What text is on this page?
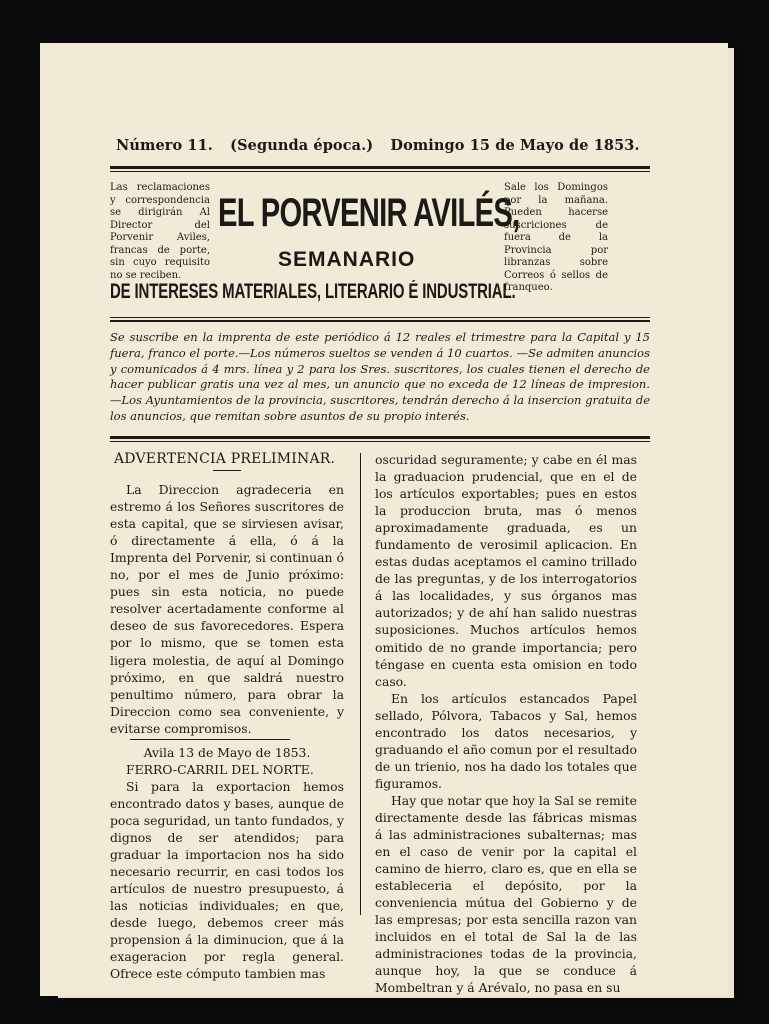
Número 11. (Segunda época.) Domingo 15 de Mayo de 1853.
Las reclamaciones y correspondencia se dirigirán Al Director del Porvenir Aviles, francas de porte, sin cuyo requisito no se reciben.
EL PORVENIR AVILÉS,
Sale los Domingos por la mañana. Pueden hacerse suscriciones de fuera de la Provincia por libranzas sobre Correos ó sellos de franqueo.
SEMANARIO
DE INTERESES MATERIALES, LITERARIO É INDUSTRIAL.
Se suscribe en la imprenta de este periódico á 12 reales el trimestre para la Capital y 15 fuera, franco el porte.—Los números sueltos se venden á 10 cuartos. —Se admiten anuncios y comunicados á 4 mrs. línea y 2 para los Sres. suscritores, los cuales tienen el derecho de hacer publicar gratis una vez al mes, un anuncio que no exceda de 12 líneas de impresion.—Los Ayuntamientos de la provincia, suscritores, tendrán derecho á la insercion gratuita de los anuncios, que remitan sobre asuntos de su propio interés.
ADVERTENCIA PRELIMINAR.

La Direccion agradeceria en estremo á los Señores suscritores de esta capital, que se sirviesen avisar, ó directamente á ella, ó á la Imprenta del Porvenir, si continuan ó no, por el mes de Junio próximo: pues sin esta noticia, no puede resolver acertadamente conforme al deseo de sus favorecedores. Espera por lo mismo, que se tomen esta ligera molestia, de aquí al Domingo próximo, en que saldrá nuestro penultimo número, para obrar la Direccion como sea conveniente, y evitarse compromisos.

Avila 13 de Mayo de 1853.

FERRO-CARRIL DEL NORTE.

Si para la exportacion hemos encontrado datos y bases, aunque de poca seguridad, un tanto fundados, y dignos de ser atendidos; para graduar la importacion nos ha sido necesario recurrir, en casi todos los artículos de nuestro presupuesto, á las noticias individuales; en que, desde luego, debemos creer más propension á la diminucion, que á la exageracion por regla general. Ofrece este cómputo tambien mas

oscuridad seguramente; y cabe en él mas la graduacion prudencial, que en el de los artículos exportables; pues en estos la produccion bruta, mas ó menos aproximadamente graduada, es un fundamento de verosimil aplicacion. En estas dudas aceptamos el camino trillado de las preguntas, y de los interrogatorios á las localidades, y sus órganos mas autorizados; y de ahí han salido nuestras suposiciones. Muchos artículos hemos omitido de no grande importancia; pero téngase en cuenta esta omision en todo caso.

En los artículos estancados Papel sellado, Pólvora, Tabacos y Sal, hemos encontrado los datos necesarios, y graduando el año comun por el resultado de un trienio, nos ha dado los totales que figuramos.

Hay que notar que hoy la Sal se remite directamente desde las fábricas mismas á las administraciones subalternas; mas en el caso de venir por la capital el camino de hierro, claro es, que en ella se estableceria el depósito, por la conveniencia mútua del Gobierno y de las empresas; por esta sencilla razon van incluidos en el total de Sal la de las administraciones todas de la provincia, aunque hoy, la que se conduce á Mombeltran y á Arévalo, no pasa en su
